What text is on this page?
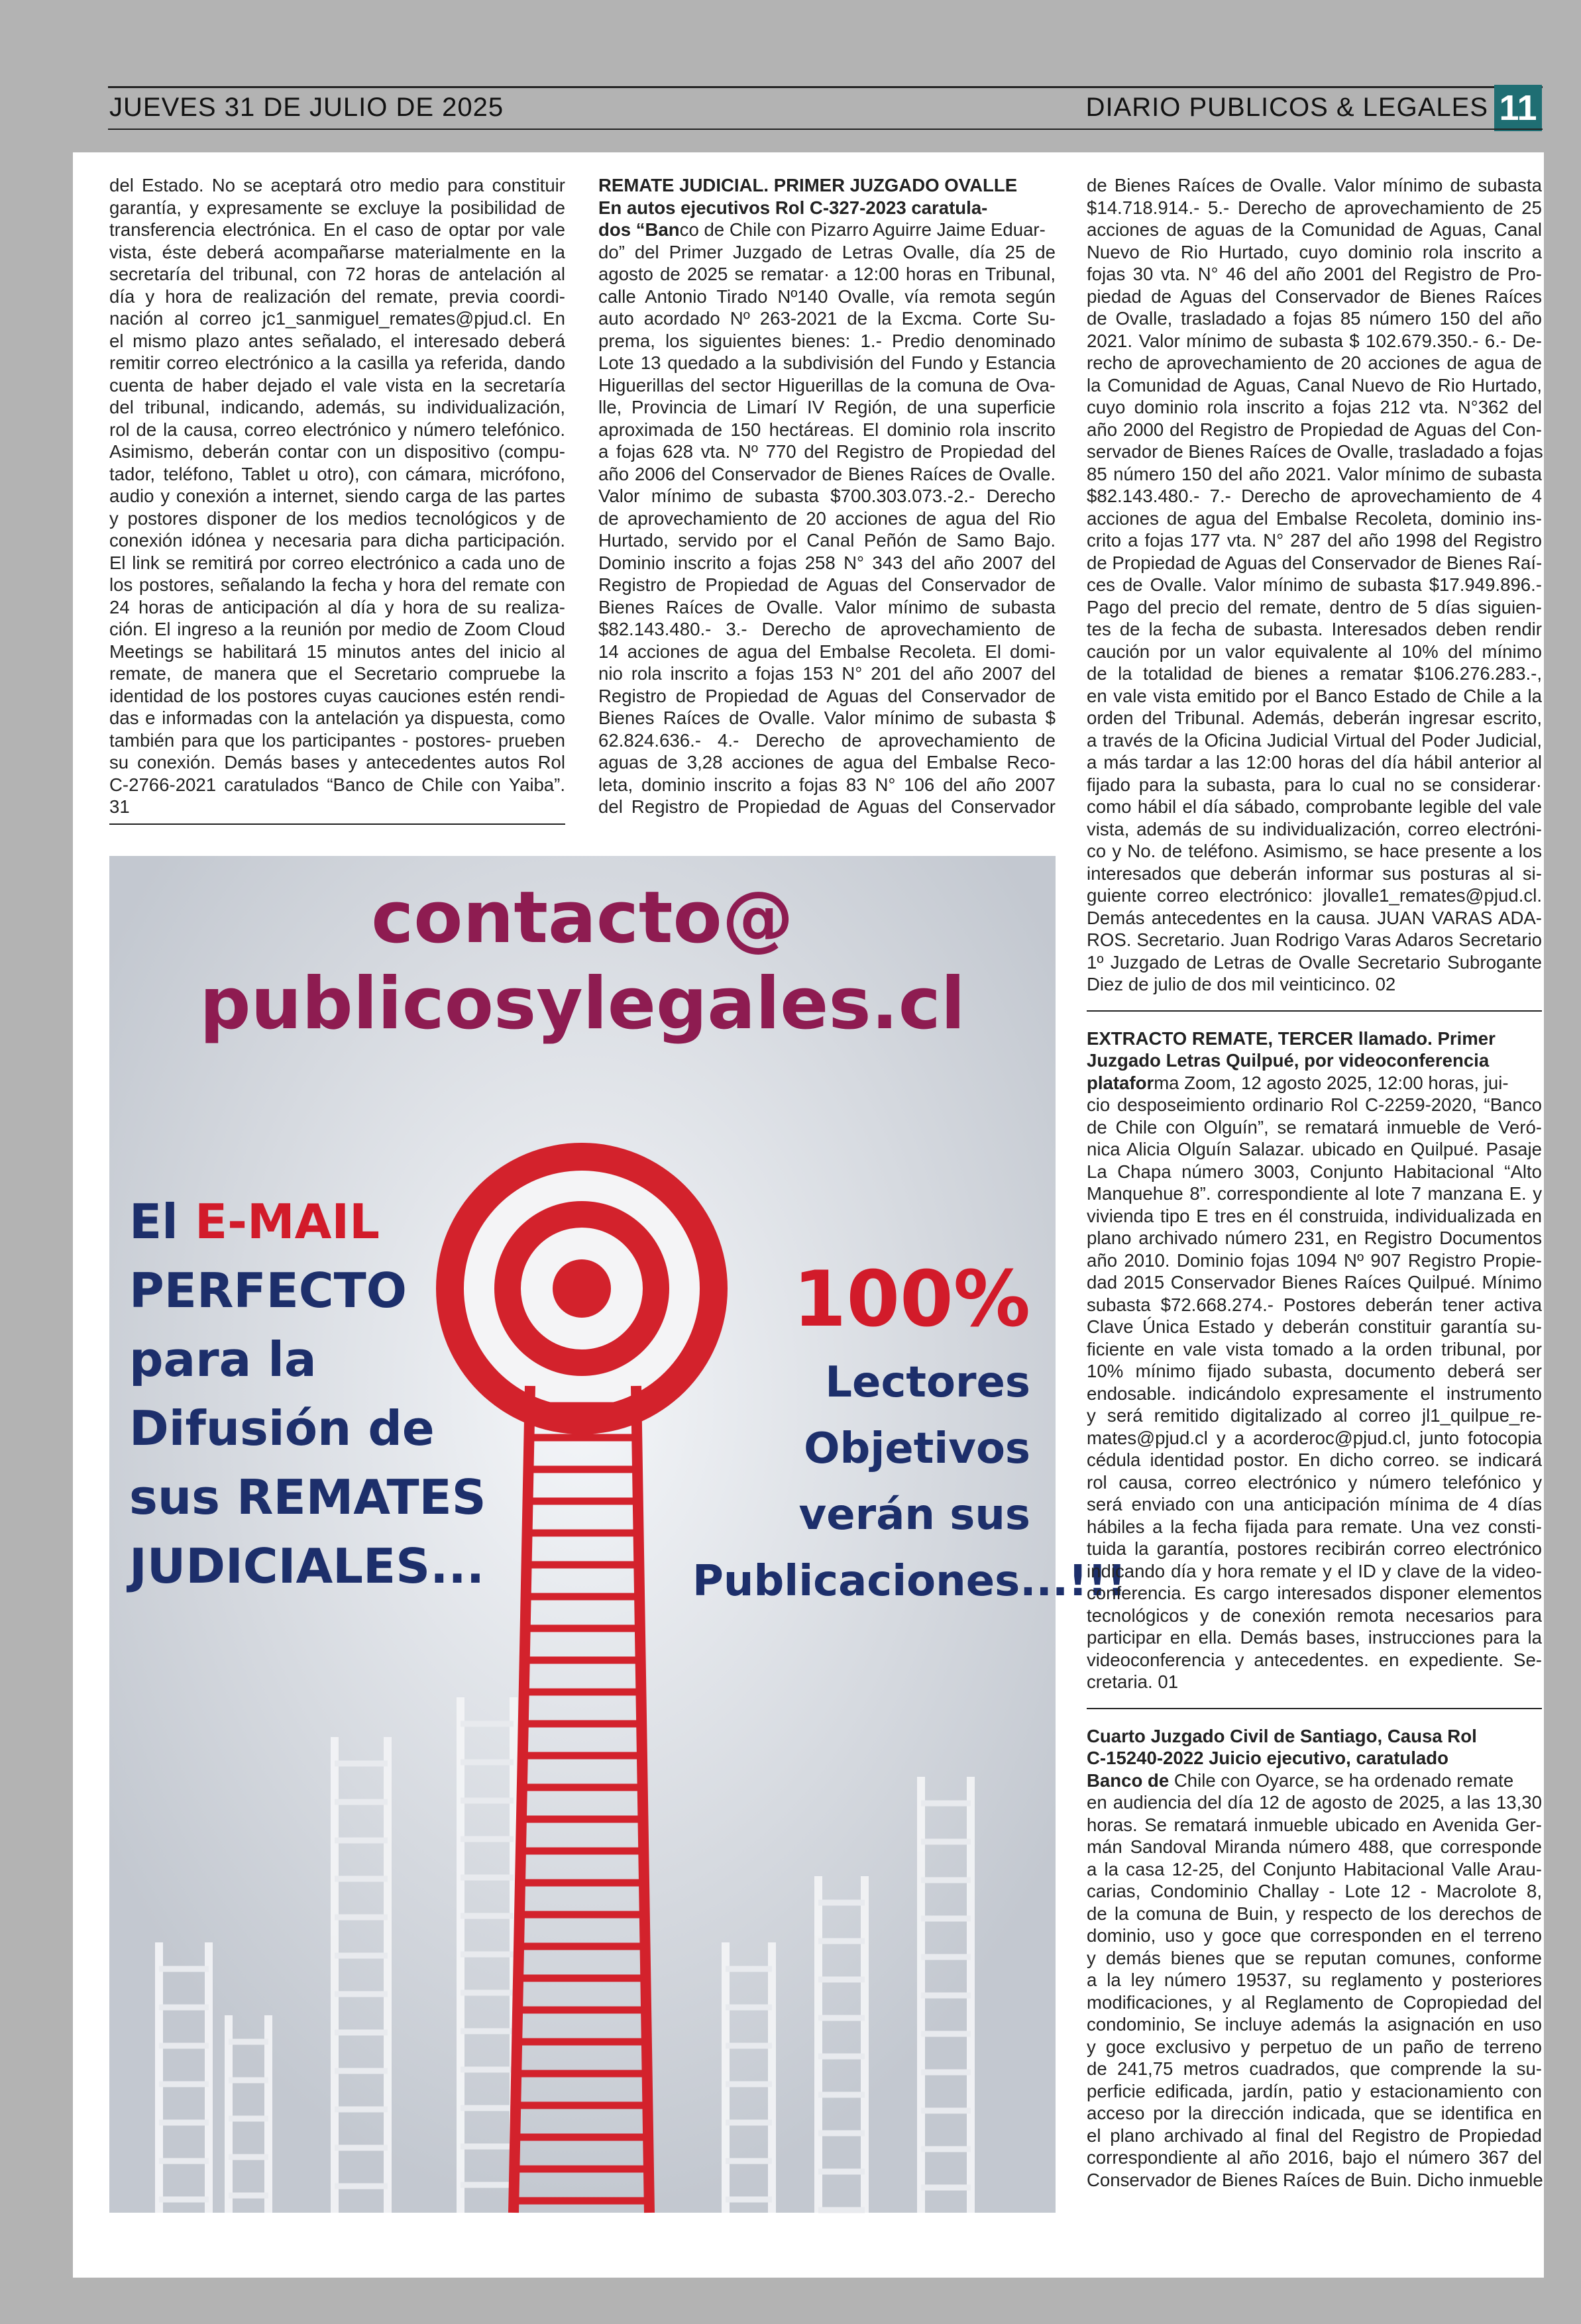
JUEVES 31 DE JULIO DE 2025	DIARIO PUBLICOS & LEGALES 11
del Estado. No se aceptará otro medio para constituir
garantía, y expresamente se excluye la posibilidad de
transferencia electrónica. En el caso de optar por vale
vista, éste deberá acompañarse materialmente en la
secretaría del tribunal, con 72 horas de antelación al
día y hora de realización del remate, previa coordi-
nación al correo jc1_sanmiguel_remates@pjud.cl. En
el mismo plazo antes señalado, el interesado deberá
remitir correo electrónico a la casilla ya referida, dando
cuenta de haber dejado el vale vista en la secretaría
del tribunal, indicando, además, su individualización,
rol de la causa, correo electrónico y número telefónico.
Asimismo, deberán contar con un dispositivo (compu-
tador, teléfono, Tablet u otro), con cámara, micrófono,
audio y conexión a internet, siendo carga de las partes
y postores disponer de los medios tecnológicos y de
conexión idónea y necesaria para dicha participación.
El link se remitirá por correo electrónico a cada uno de
los postores, señalando la fecha y hora del remate con
24 horas de anticipación al día y hora de su realiza-
ción. El ingreso a la reunión por medio de Zoom Cloud
Meetings se habilitará 15 minutos antes del inicio al
remate, de manera que el Secretario compruebe la
identidad de los postores cuyas cauciones estén rendi-
das e informadas con la antelación ya dispuesta, como
también para que los participantes - postores- prueben
su conexión. Demás bases y antecedentes autos Rol
C-2766-2021 caratulados “Banco de Chile con Yaiba”.
31
contacto@
publicosylegales.cl
El E-MAIL
PERFECTO
para la
Difusión de
sus REMATES
JUDICIALES...
100%
Lectores
Objetivos
verán sus
Publicaciones...!!!
REMATE JUDICIAL. PRIMER JUZGADO OVALLE
En autos ejecutivos Rol C-327-2023 caratula-
dos “Banco de Chile con Pizarro Aguirre Jaime Eduar-
do” del Primer Juzgado de Letras Ovalle, día 25 de
agosto de 2025 se rematar· a 12:00 horas en Tribunal,
calle Antonio Tirado Nº140 Ovalle, vía remota según
auto acordado Nº 263-2021 de la Excma. Corte Su-
prema, los siguientes bienes: 1.- Predio denominado
Lote 13 quedado a la subdivisión del Fundo y Estancia
Higuerillas del sector Higuerillas de la comuna de Ova-
lle, Provincia de Limarí IV Región, de una superficie
aproximada de 150 hectáreas. El dominio rola inscrito
a fojas 628 vta. Nº 770 del Registro de Propiedad del
año 2006 del Conservador de Bienes Raíces de Ovalle.
Valor mínimo de subasta $700.303.073.-2.- Derecho
de aprovechamiento de 20 acciones de agua del Rio
Hurtado, servido por el Canal Peñón de Samo Bajo.
Dominio inscrito a fojas 258 N° 343 del año 2007 del
Registro de Propiedad de Aguas del Conservador de
Bienes Raíces de Ovalle. Valor mínimo de subasta
$82.143.480.- 3.- Derecho de aprovechamiento de
14 acciones de agua del Embalse Recoleta. El domi-
nio rola inscrito a fojas 153 N° 201 del año 2007 del
Registro de Propiedad de Aguas del Conservador de
Bienes Raíces de Ovalle. Valor mínimo de subasta $
62.824.636.- 4.- Derecho de aprovechamiento de
aguas de 3,28 acciones de agua del Embalse Reco-
leta, dominio inscrito a fojas 83 N° 106 del año 2007
del Registro de Propiedad de Aguas del Conservador
de Bienes Raíces de Ovalle. Valor mínimo de subasta
$14.718.914.- 5.- Derecho de aprovechamiento de 25
acciones de aguas de la Comunidad de Aguas, Canal
Nuevo de Rio Hurtado, cuyo dominio rola inscrito a
fojas 30 vta. N° 46 del año 2001 del Registro de Pro-
piedad de Aguas del Conservador de Bienes Raíces
de Ovalle, trasladado a fojas 85 número 150 del año
2021. Valor mínimo de subasta $ 102.679.350.- 6.- De-
recho de aprovechamiento de 20 acciones de agua de
la Comunidad de Aguas, Canal Nuevo de Rio Hurtado,
cuyo dominio rola inscrito a fojas 212 vta. N°362 del
año 2000 del Registro de Propiedad de Aguas del Con-
servador de Bienes Raíces de Ovalle, trasladado a fojas
85 número 150 del año 2021. Valor mínimo de subasta
$82.143.480.- 7.- Derecho de aprovechamiento de 4
acciones de agua del Embalse Recoleta, dominio ins-
crito a fojas 177 vta. N° 287 del año 1998 del Registro
de Propiedad de Aguas del Conservador de Bienes Raí-
ces de Ovalle. Valor mínimo de subasta $17.949.896.-
Pago del precio del remate, dentro de 5 días siguien-
tes de la fecha de subasta. Interesados deben rendir
caución por un valor equivalente al 10% del mínimo
de la totalidad de bienes a rematar $106.276.283.-,
en vale vista emitido por el Banco Estado de Chile a la
orden del Tribunal. Además, deberán ingresar escrito,
a través de la Oficina Judicial Virtual del Poder Judicial,
a más tardar a las 12:00 horas del día hábil anterior al
fijado para la subasta, para lo cual no se considerar·
como hábil el día sábado, comprobante legible del vale
vista, además de su individualización, correo electróni-
co y No. de teléfono. Asimismo, se hace presente a los
interesados que deberán informar sus posturas al si-
guiente correo electrónico: jlovalle1_remates@pjud.cl.
Demás antecedentes en la causa. JUAN VARAS ADA-
ROS. Secretario. Juan Rodrigo Varas Adaros Secretario
1º Juzgado de Letras de Ovalle Secretario Subrogante
Diez de julio de dos mil veinticinco. 02
EXTRACTO REMATE, TERCER llamado. Primer
Juzgado Letras Quilpué, por videoconferencia
plataforma Zoom, 12 agosto 2025, 12:00 horas, jui-
cio desposeimiento ordinario Rol C-2259-2020, “Banco
de Chile con Olguín”, se rematará inmueble de Veró-
nica Alicia Olguín Salazar. ubicado en Quilpué. Pasaje
La Chapa número 3003, Conjunto Habitacional “Alto
Manquehue 8”. correspondiente al lote 7 manzana E. y
vivienda tipo E tres en él construida, individualizada en
plano archivado número 231, en Registro Documentos
año 2010. Dominio fojas 1094 Nº 907 Registro Propie-
dad 2015 Conservador Bienes Raíces Quilpué. Mínimo
subasta $72.668.274.- Postores deberán tener activa
Clave Única Estado y deberán constituir garantía su-
ficiente en vale vista tomado a la orden tribunal, por
10% mínimo fijado subasta, documento deberá ser
endosable. indicándolo expresamente el instrumento
y será remitido digitalizado al correo jl1_quilpue_re-
mates@pjud.cl y a acorderoc@pjud.cl, junto fotocopia
cédula identidad postor. En dicho correo. se indicará
rol causa, correo electrónico y número telefónico y
será enviado con una anticipación mínima de 4 días
hábiles a la fecha fijada para remate. Una vez consti-
tuida la garantía, postores recibirán correo electrónico
indicando día y hora remate y el ID y clave de la video-
conferencia. Es cargo interesados disponer elementos
tecnológicos y de conexión remota necesarios para
participar en ella. Demás bases, instrucciones para la
videoconferencia y antecedentes. en expediente. Se-
cretaria. 01
Cuarto Juzgado Civil de Santiago, Causa Rol
C-15240-2022 Juicio ejecutivo, caratulado
Banco de Chile con Oyarce, se ha ordenado remate
en audiencia del día 12 de agosto de 2025, a las 13,30
horas. Se rematará inmueble ubicado en Avenida Ger-
mán Sandoval Miranda número 488, que corresponde
a la casa 12-25, del Conjunto Habitacional Valle Arau-
carias, Condominio Challay - Lote 12 - Macrolote 8,
de la comuna de Buin, y respecto de los derechos de
dominio, uso y goce que corresponden en el terreno
y demás bienes que se reputan comunes, conforme
a la ley número 19537, su reglamento y posteriores
modificaciones, y al Reglamento de Copropiedad del
condominio, Se incluye además la asignación en uso
y goce exclusivo y perpetuo de un paño de terreno
de 241,75 metros cuadrados, que comprende la su-
perficie edificada, jardín, patio y estacionamiento con
acceso por la dirección indicada, que se identifica en
el plano archivado al final del Registro de Propiedad
correspondiente al año 2016, bajo el número 367 del
Conservador de Bienes Raíces de Buin. Dicho inmueble
